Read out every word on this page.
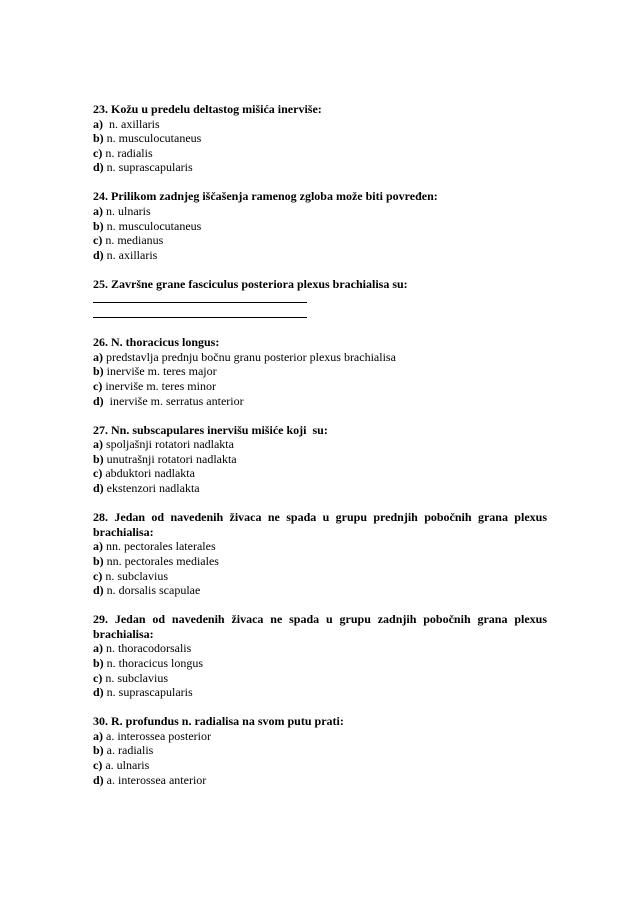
23. Kožu u predelu deltastog mišića inerviše:

a)  n. axillaris

b) n. musculocutaneus

c) n. radialis

d) n. suprascapularis

24. Prilikom zadnjeg iščašenja ramenog zgloba može biti povređen:

a) n. ulnaris

b) n. musculocutaneus

c) n. medianus

d) n. axillaris

25. Završne grane fasciculus posteriora plexus brachialisa su:

26. N. thoracicus longus:

a) predstavlja prednju bočnu granu posterior plexus brachialisa

b) inerviše m. teres major

c) inerviše m. teres minor

d)  inerviše m. serratus anterior

27. Nn. subscapulares inervišu mišiće koji  su:

a) spoljašnji rotatori nadlakta

b) unutrašnji rotatori nadlakta

c) abduktori nadlakta

d) ekstenzori nadlakta

28. Jedan od navedenih živaca ne spada u grupu prednjih pobočnih grana plexus brachialisa:

a) nn. pectorales laterales

b) nn. pectorales mediales

c) n. subclavius

d) n. dorsalis scapulae

29. Jedan od navedenih živaca ne spada u grupu zadnjih pobočnih grana plexus brachialisa:

a) n. thoracodorsalis

b) n. thoracicus longus

c) n. subclavius

d) n. suprascapularis

30. R. profundus n. radialisa na svom putu prati:

a) a. interossea posterior

b) a. radialis

c) a. ulnaris

d) a. interossea anterior
